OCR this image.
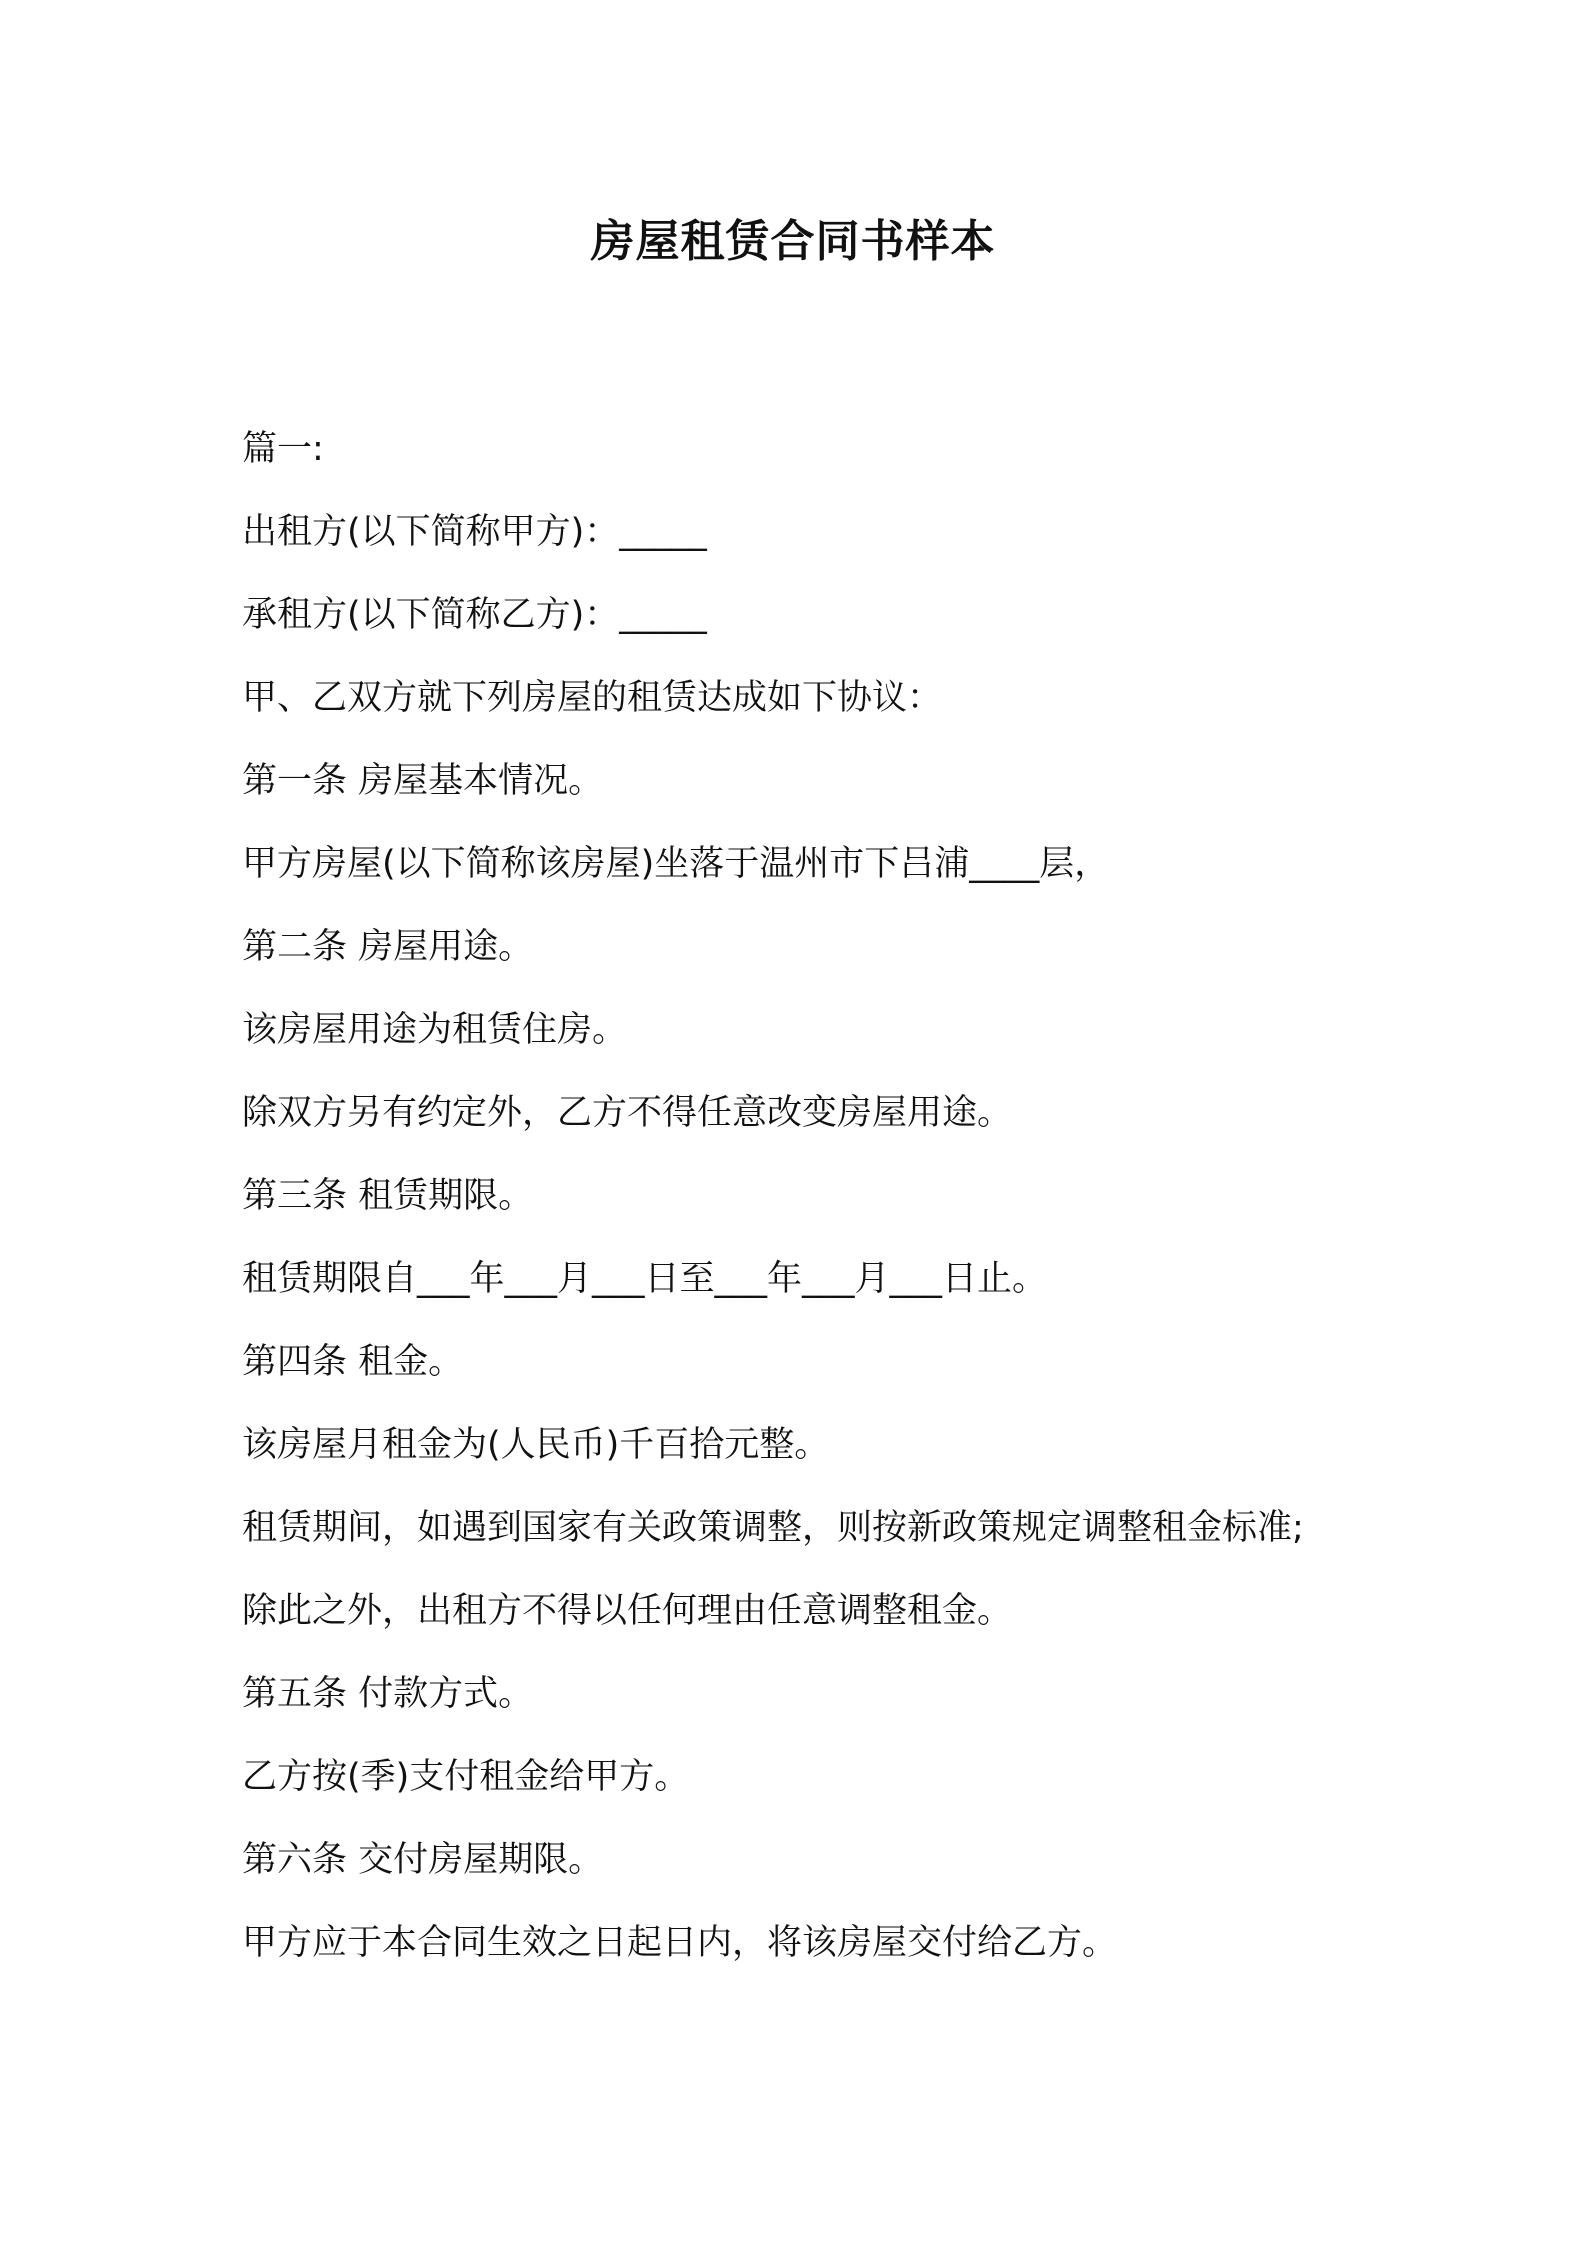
房屋租赁合同书样本

篇一:

出租方(以下简称甲方)：_____

承租方(以下简称乙方)：_____

甲、乙双方就下列房屋的租赁达成如下协议：

第一条 房屋基本情况。

甲方房屋(以下简称该房屋)坐落于温州市下吕浦____层，

第二条 房屋用途。

该房屋用途为租赁住房。

除双方另有约定外，乙方不得任意改变房屋用途。

第三条 租赁期限。

租赁期限自___年___月___日至___年___月___日止。

第四条 租金。

该房屋月租金为(人民币)千百拾元整。

租赁期间，如遇到国家有关政策调整，则按新政策规定调整租金标准;

除此之外，出租方不得以任何理由任意调整租金。

第五条 付款方式。

乙方按(季)支付租金给甲方。

第六条 交付房屋期限。

甲方应于本合同生效之日起日内，将该房屋交付给乙方。
